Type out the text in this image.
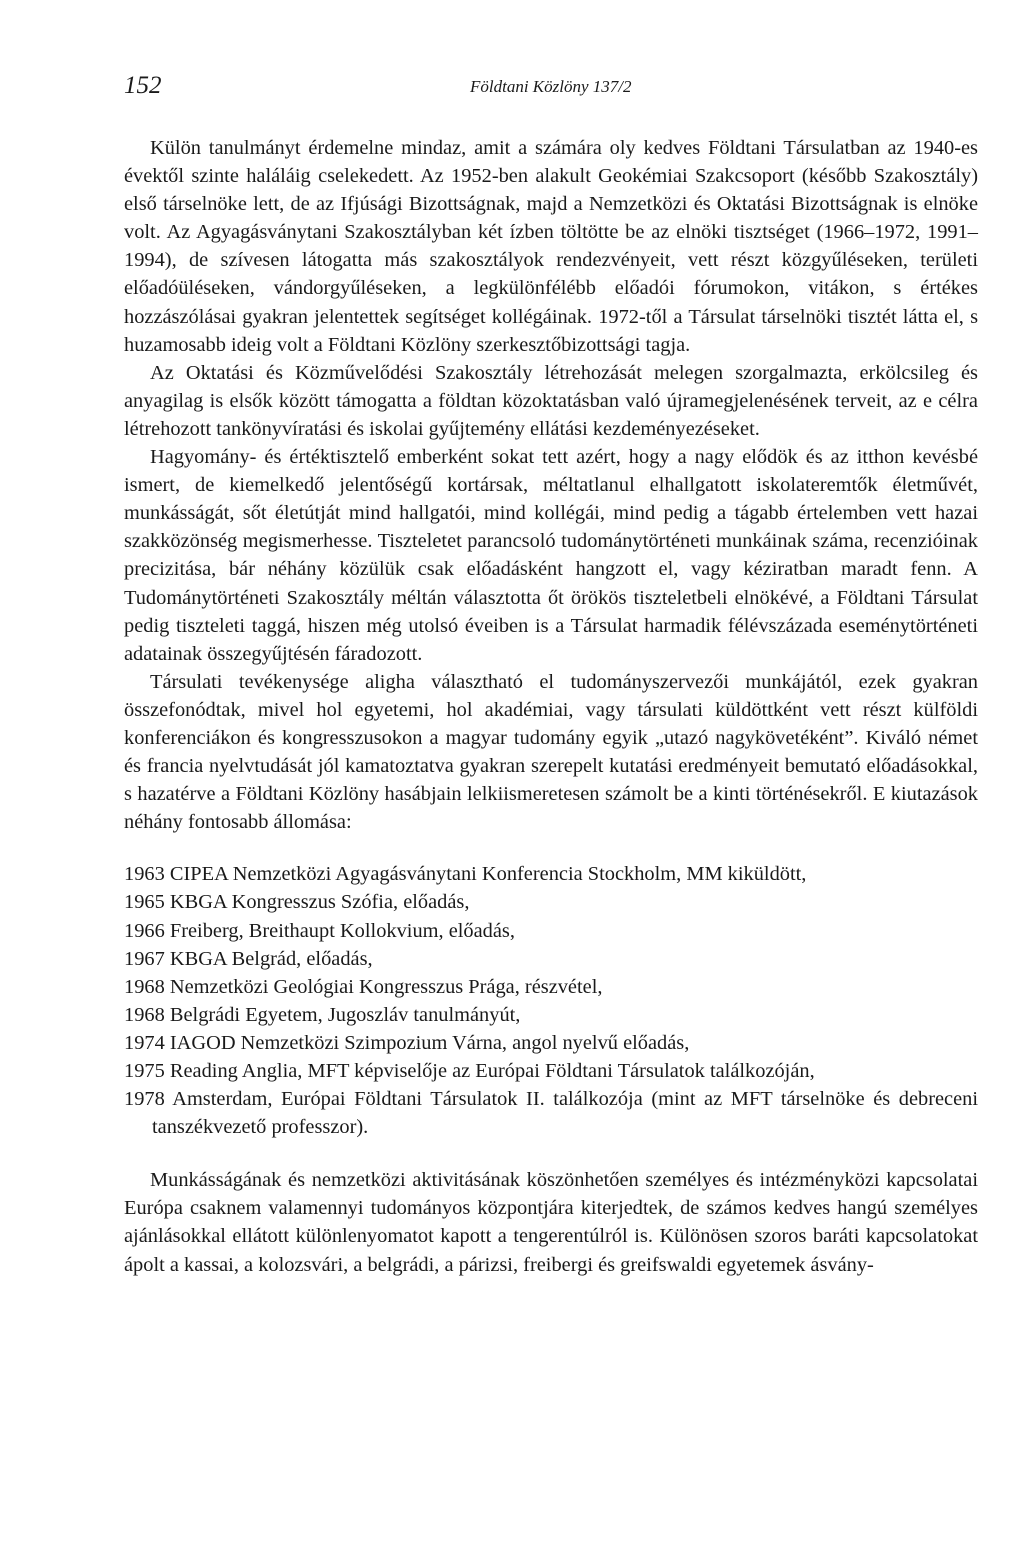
152	Földtani Közlöny 137/2

Külön tanulmányt érdemelne mindaz, amit a számára oly kedves Földtani Társulatban az 1940-es évektől szinte haláláig cselekedett. Az 1952-ben alakult Geokémiai Szakcsoport (később Szakosztály) első társelnöke lett, de az Ifjúsági Bizottságnak, majd a Nemzetközi és Oktatási Bizottságnak is elnöke volt. Az Agyagásványtani Szakosztályban két ízben töltötte be az elnöki tisztséget (1966–1972, 1991–1994), de szívesen látogatta más szakosztályok rendezvényeit, vett részt közgyűléseken, területi előadóüléseken, vándorgyűléseken, a legkülönfélébb előadói fórumokon, vitákon, s értékes hozzászólásai gyakran jelentettek segítséget kollégáinak. 1972-től a Társulat társelnöki tisztét látta el, s huzamosabb ideig volt a Földtani Közlöny szerkesztőbizottsági tagja.

Az Oktatási és Közművelődési Szakosztály létrehozását melegen szorgalmazta, erkölcsileg és anyagilag is elsők között támogatta a földtan közoktatásban való újramegjelenésének terveit, az e célra létrehozott tankönyvíratási és iskolai gyűjtemény ellátási kezdeményezéseket.

Hagyomány- és értéktisztelő emberként sokat tett azért, hogy a nagy elődök és az itthon kevésbé ismert, de kiemelkedő jelentőségű kortársak, méltatlanul elhallgatott iskolateremtők életművét, munkásságát, sőt életútját mind hallgatói, mind kollégái, mind pedig a tágabb értelemben vett hazai szakközönség megismerhesse. Tiszteletet parancsoló tudománytörténeti munkáinak száma, recenzióinak precizitása, bár néhány közülük csak előadásként hangzott el, vagy kéziratban maradt fenn. A Tudománytörténeti Szakosztály méltán választotta őt örökös tiszteletbeli elnökévé, a Földtani Társulat pedig tiszteleti taggá, hiszen még utolsó éveiben is a Társulat harmadik félévszázada eseménytörténeti adatainak összegyűjtésén fáradozott.

Társulati tevékenysége aligha választható el tudományszervezői munkájától, ezek gyakran összefonódtak, mivel hol egyetemi, hol akadémiai, vagy társulati küldöttként vett részt külföldi konferenciákon és kongresszusokon a magyar tudomány egyik „utazó nagykövetéként”. Kiváló német és francia nyelvtudását jól kamatoztatva gyakran szerepelt kutatási eredményeit bemutató előadásokkal, s hazatérve a Földtani Közlöny hasábjain lelkiismeretesen számolt be a kinti történésekről. E kiutazások néhány fontosabb állomása:

1963 CIPEA Nemzetközi Agyagásványtani Konferencia Stockholm, MM kiküldött,
1965 KBGA Kongresszus Szófia, előadás,
1966 Freiberg, Breithaupt Kollokvium, előadás,
1967 KBGA Belgrád, előadás,
1968 Nemzetközi Geológiai Kongresszus Prága, részvétel,
1968 Belgrádi Egyetem, Jugoszláv tanulmányút,
1974 IAGOD Nemzetközi Szimpozium Várna, angol nyelvű előadás,
1975 Reading Anglia, MFT képviselője az Európai Földtani Társulatok találkozóján,
1978 Amsterdam, Európai Földtani Társulatok II. találkozója (mint az MFT társelnöke és debreceni tanszékvezető professzor).

Munkásságának és nemzetközi aktivitásának köszönhetően személyes és intézményközi kapcsolatai Európa csaknem valamennyi tudományos központjára kiterjedtek, de számos kedves hangú személyes ajánlásokkal ellátott különlenyomatot kapott a tengerentúlról is. Különösen szoros baráti kapcsolatokat ápolt a kassai, a kolozsvári, a belgrádi, a párizsi, freibergi és greifswaldi egyetemek ásvány-
